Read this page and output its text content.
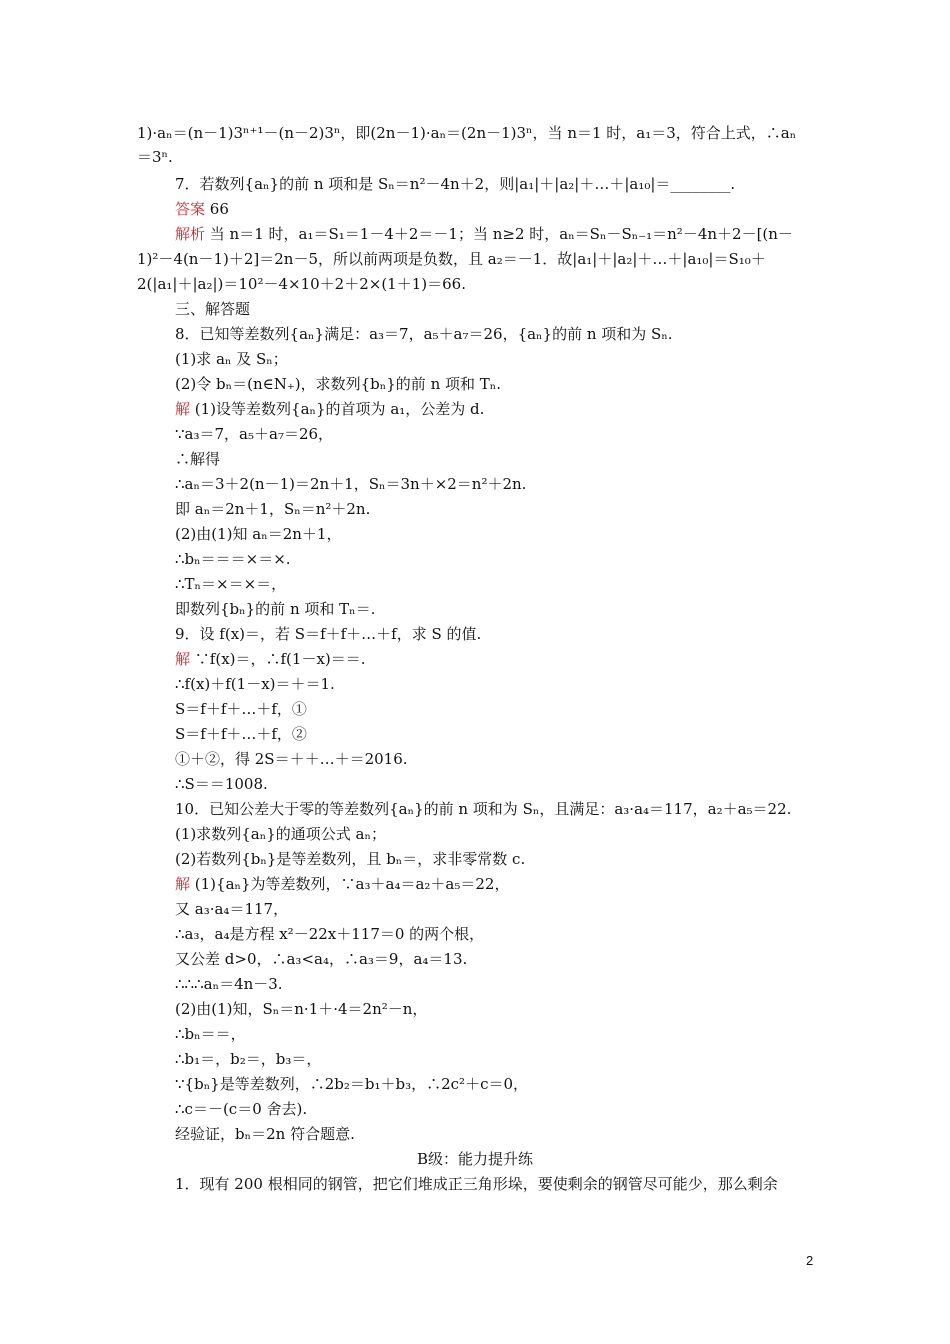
1)·aₙ＝(n－1)3ⁿ⁺¹－(n－2)3ⁿ，即(2n－1)·aₙ＝(2n－1)3ⁿ，当 n＝1 时，a₁＝3，符合上式，∴aₙ
＝3ⁿ.
7．若数列{aₙ}的前 n 项和是 Sₙ＝n²－4n＋2，则|a₁|＋|a₂|＋…＋|a₁₀|＝________.
答案 66
解析 当 n＝1 时，a₁＝S₁＝1－4＋2＝－1；当 n≥2 时，aₙ＝Sₙ－Sₙ₋₁＝n²－4n＋2－[(n－
1)²－4(n－1)＋2]＝2n－5，所以前两项是负数，且 a₂＝－1．故|a₁|＋|a₂|＋…＋|a₁₀|＝S₁₀＋
2(|a₁|＋|a₂|)＝10²－4×10＋2＋2×(1＋1)＝66.
三、解答题
8．已知等差数列{aₙ}满足：a₃＝7，a₅＋a₇＝26，{aₙ}的前 n 项和为 Sₙ.
(1)求 aₙ 及 Sₙ；
(2)令 bₙ＝(n∈N₊)，求数列{bₙ}的前 n 项和 Tₙ.
解 (1)设等差数列{aₙ}的首项为 a₁，公差为 d.
∵a₃＝7，a₅＋a₇＝26，
∴解得
∴aₙ＝3＋2(n－1)＝2n＋1，Sₙ＝3n＋×2＝n²＋2n.
即 aₙ＝2n＋1，Sₙ＝n²＋2n.
(2)由(1)知 aₙ＝2n＋1，
∴bₙ＝＝＝×＝×.
∴Tₙ＝×＝×＝，
即数列{bₙ}的前 n 项和 Tₙ＝.
9．设 f(x)＝，若 S＝f＋f＋…＋f，求 S 的值.
解 ∵f(x)＝，∴f(1－x)＝＝.
∴f(x)＋f(1－x)＝＋＝1.
S＝f＋f＋…＋f，①
S＝f＋f＋…＋f，②
①＋②，得 2S＝＋＋…＋＝2016.
∴S＝＝1008.
10．已知公差大于零的等差数列{aₙ}的前 n 项和为 Sₙ，且满足：a₃·a₄＝117，a₂＋a₅＝22.
(1)求数列{aₙ}的通项公式 aₙ；
(2)若数列{bₙ}是等差数列，且 bₙ＝，求非零常数 c.
解 (1){aₙ}为等差数列，∵a₃＋a₄＝a₂＋a₅＝22，
又 a₃·a₄＝117，
∴a₃，a₄是方程 x²－22x＋117＝0 的两个根，
又公差 d>0，∴a₃<a₄，∴a₃＝9，a₄＝13.
∴∴∴aₙ＝4n－3.
(2)由(1)知，Sₙ＝n·1＋·4＝2n²－n，
∴bₙ＝＝，
∴b₁＝，b₂＝，b₃＝，
∵{bₙ}是等差数列，∴2b₂＝b₁＋b₃，∴2c²＋c＝0，
∴c＝－(c＝0 舍去).
经验证，bₙ＝2n 符合题意.
B级：能力提升练
1．现有 200 根相同的钢管，把它们堆成正三角形垛，要使剩余的钢管尽可能少，那么剩余
2
